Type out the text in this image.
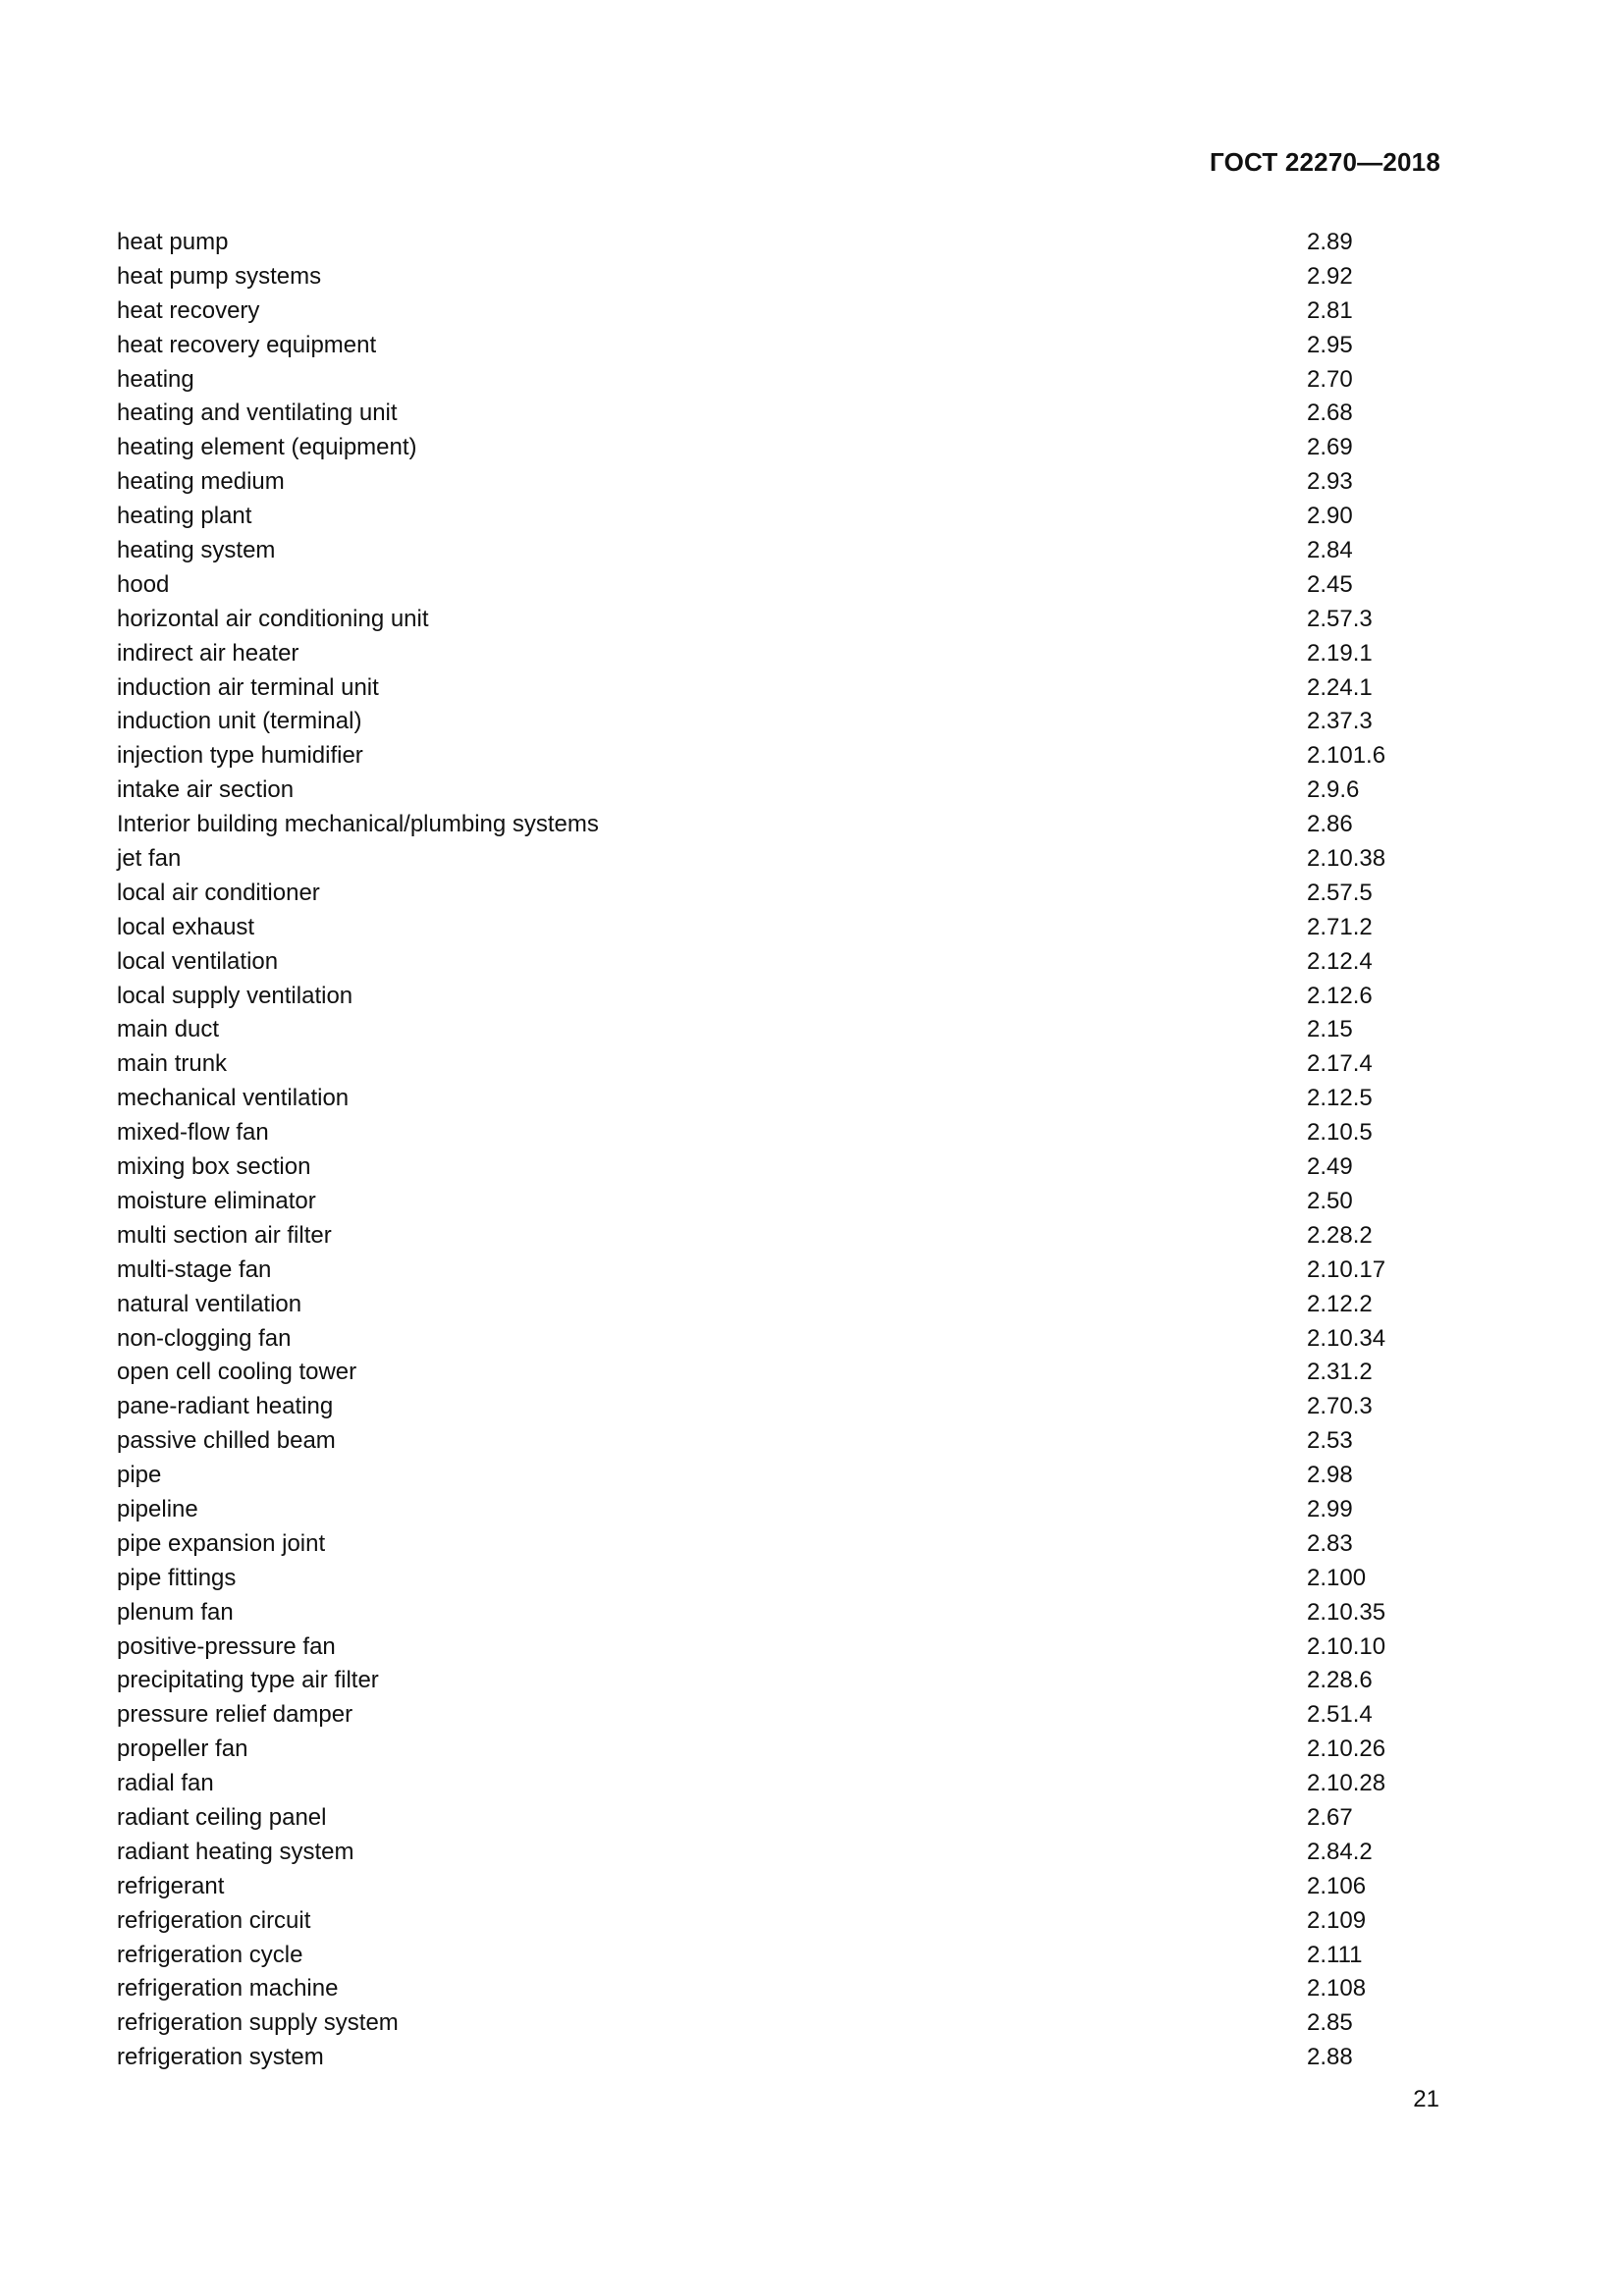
ГОСТ 22270—2018
heat pump	2.89
heat pump systems	2.92
heat recovery	2.81
heat recovery equipment	2.95
heating	2.70
heating and ventilating unit	2.68
heating element (equipment)	2.69
heating medium	2.93
heating plant	2.90
heating system	2.84
hood	2.45
horizontal air conditioning unit	2.57.3
indirect air heater	2.19.1
induction air terminal unit	2.24.1
induction unit (terminal)	2.37.3
injection type humidifier	2.101.6
intake air section	2.9.6
Interior building mechanical/plumbing systems	2.86
jet fan	2.10.38
local air conditioner	2.57.5
local exhaust	2.71.2
local ventilation	2.12.4
local supply ventilation	2.12.6
main duct	2.15
main trunk	2.17.4
mechanical ventilation	2.12.5
mixed-flow fan	2.10.5
mixing box section	2.49
moisture eliminator	2.50
multi section air filter	2.28.2
multi-stage fan	2.10.17
natural ventilation	2.12.2
non-clogging fan	2.10.34
open cell cooling tower	2.31.2
pane-radiant heating	2.70.3
passive chilled beam	2.53
pipe	2.98
pipeline	2.99
pipe expansion joint	2.83
pipe fittings	2.100
plenum fan	2.10.35
positive-pressure fan	2.10.10
precipitating type air filter	2.28.6
pressure relief damper	2.51.4
propeller fan	2.10.26
radial fan	2.10.28
radiant ceiling panel	2.67
radiant heating system	2.84.2
refrigerant	2.106
refrigeration circuit	2.109
refrigeration cycle	2.111
refrigeration machine	2.108
refrigeration supply system	2.85
refrigeration system	2.88
21
